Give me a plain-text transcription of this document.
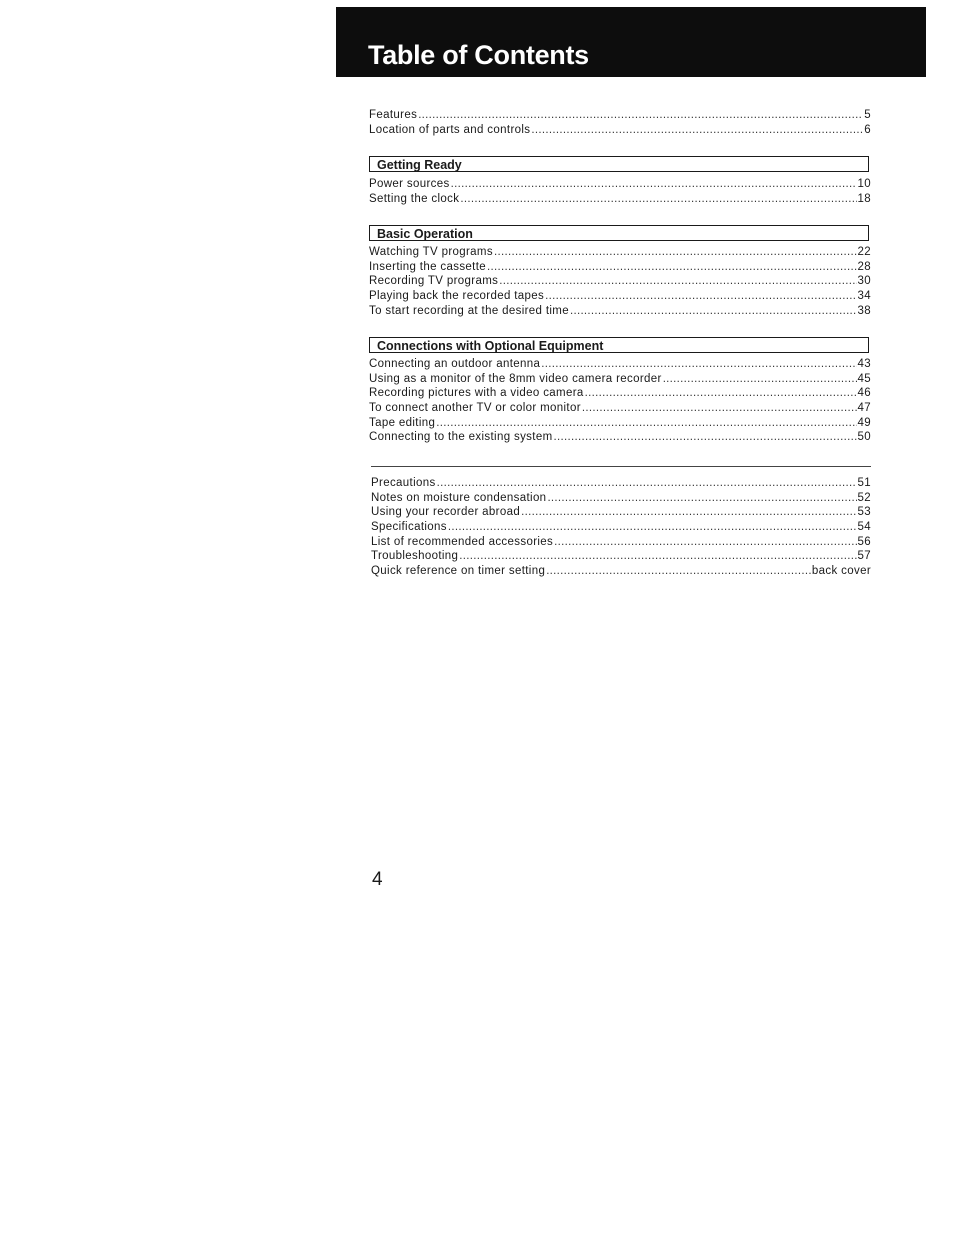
Table of Contents
Features .....	5
Location of parts and controls .....	6
Getting Ready
Power sources .....	10
Setting the clock .....	18
Basic Operation
Watching TV programs .....	22
Inserting the cassette .....	28
Recording TV programs .....	30
Playing back the recorded tapes .....	34
To start recording at the desired time .....	38
Connections with Optional Equipment
Connecting an outdoor antenna .....	43
Using as a monitor of the 8mm video camera recorder .....	45
Recording pictures with a video camera .....	46
To connect another TV or color monitor .....	47
Tape editing .....	49
Connecting to the existing system .....	50
Precautions .....	51
Notes on moisture condensation .....	52
Using your recorder abroad .....	53
Specifications .....	54
List of recommended accessories .....	56
Troubleshooting .....	57
Quick reference on timer setting .....	back cover
4
